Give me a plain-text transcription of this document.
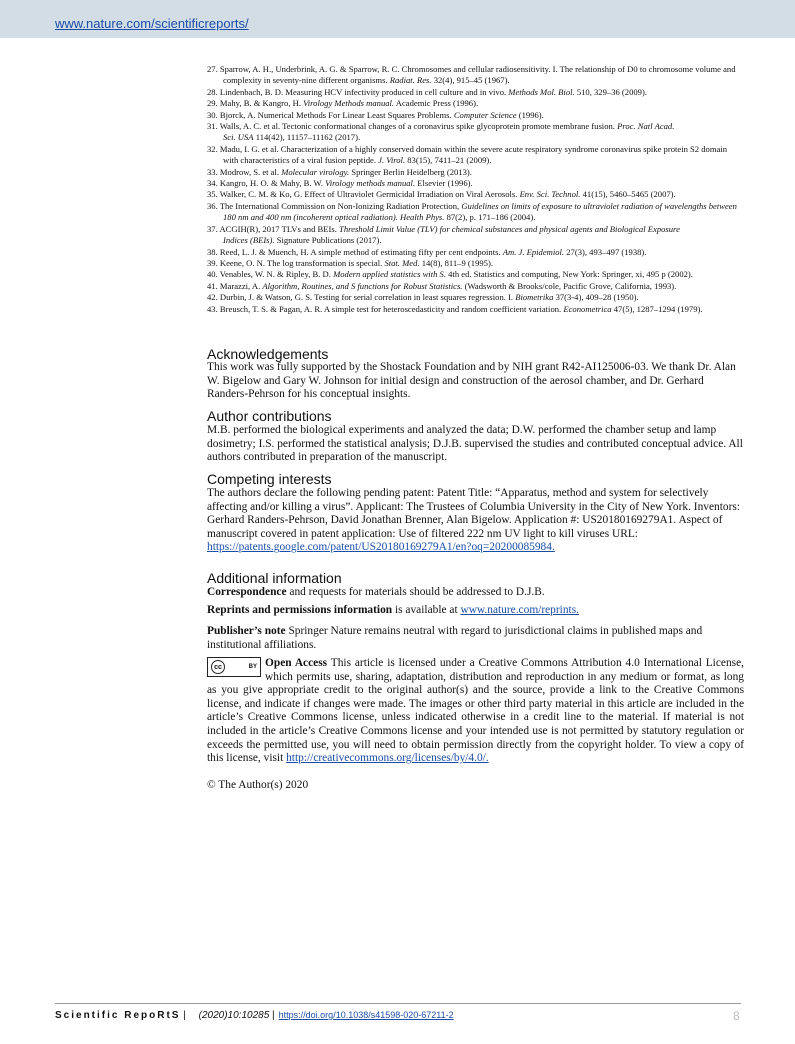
www.nature.com/scientificreports/
27. Sparrow, A. H., Underbrink, A. G. & Sparrow, R. C. Chromosomes and cellular radiosensitivity. I. The relationship of D0 to chromosome volume and complexity in seventy-nine different organisms. Radiat. Res. 32(4), 915–45 (1967).
28. Lindenbach, B. D. Measuring HCV infectivity produced in cell culture and in vivo. Methods Mol. Biol. 510, 329–36 (2009).
29. Mahy, B. & Kangro, H. Virology Methods manual. Academic Press (1996).
30. Bjorck, A. Numerical Methods For Linear Least Squares Problems. Computer Science (1996).
31. Walls, A. C. et al. Tectonic conformational changes of a coronavirus spike glycoprotein promote membrane fusion. Proc. Natl Acad.
Sci. USA 114(42), 11157–11162 (2017).
32. Madu, I. G. et al. Characterization of a highly conserved domain within the severe acute respiratory syndrome coronavirus spike protein S2 domain with characteristics of a viral fusion peptide. J. Virol. 83(15), 7411–21 (2009).
33. Modrow, S. et al. Molecular virology. Springer Berlin Heidelberg (2013).
34. Kangro, H. O. & Mahy, B. W. Virology methods manual. Elsevier (1996).
35. Walker, C. M. & Ko, G. Effect of Ultraviolet Germicidal Irradiation on Viral Aerosols. Env. Sci. Technol. 41(15), 5460–5465 (2007).
36. The International Commission on Non-Ionizing Radiation Protection, Guidelines on limits of exposure to ultraviolet radiation of wavelengths between 180 nm and 400 nm (incoherent optical radiation). Health Phys. 87(2), p. 171–186 (2004).
37. ACGIH(R), 2017 TLVs and BEIs. Threshold Limit Value (TLV) for chemical substances and physical agents and Biological Exposure
Indices (BEIs). Signature Publications (2017).
38. Reed, L. J. & Muench, H. A simple method of estimating fifty per cent endpoints. Am. J. Epidemiol. 27(3), 493–497 (1938).
39. Keene, O. N. The log transformation is special. Stat. Med. 14(8), 811–9 (1995).
40. Venables, W. N. & Ripley, B. D. Modern applied statistics with S. 4th ed. Statistics and computing, New York: Springer, xi, 495 p (2002).
41. Marazzi, A. Algorithm, Routines, and S functions for Robust Statistics. (Wadsworth & Brooks/cole, Pacific Grove, California, 1993).
42. Durbin, J. & Watson, G. S. Testing for serial correlation in least squares regression. I. Biometrika 37(3-4), 409–28 (1950).
43. Breusch, T. S. & Pagan, A. R. A simple test for heteroscedasticity and random coefficient variation. Econometrica 47(5), 1287–1294 (1979).
Acknowledgements
This work was fully supported by the Shostack Foundation and by NIH grant R42-AI125006-03. We thank Dr. Alan W. Bigelow and Gary W. Johnson for initial design and construction of the aerosol chamber, and Dr. Gerhard Randers-Pehrson for his conceptual insights.
Author contributions
M.B. performed the biological experiments and analyzed the data; D.W. performed the chamber setup and lamp dosimetry; I.S. performed the statistical analysis; D.J.B. supervised the studies and contributed conceptual advice. All authors contributed in preparation of the manuscript.
Competing interests
The authors declare the following pending patent: Patent Title: “Apparatus, method and system for selectively affecting and/or killing a virus”. Applicant: The Trustees of Columbia University in the City of New York. Inventors: Gerhard Randers-Pehrson, David Jonathan Brenner, Alan Bigelow. Application #: US20180169279A1. Aspect of manuscript covered in patent application: Use of filtered 222 nm UV light to kill viruses URL: https://patents.google.com/patent/US20180169279A1/en?oq=20200085984.
Additional information
Correspondence and requests for materials should be addressed to D.J.B.
Reprints and permissions information is available at www.nature.com/reprints.
Publisher’s note Springer Nature remains neutral with regard to jurisdictional claims in published maps and institutional affiliations.
Open Access This article is licensed under a Creative Commons Attribution 4.0 International License, which permits use, sharing, adaptation, distribution and reproduction in any medium or format, as long as you give appropriate credit to the original author(s) and the source, provide a link to the Creative Commons license, and indicate if changes were made. The images or other third party material in this article are included in the article’s Creative Commons license, unless indicated otherwise in a credit line to the material. If material is not included in the article’s Creative Commons license and your intended use is not permitted by statutory regulation or exceeds the permitted use, you will need to obtain permission directly from the copyright holder. To view a copy of this license, visit http://creativecommons.org/licenses/by/4.0/.
cc	BY
© The Author(s) 2020
Scientific RepoRtS | (2020)10:10285 | https://doi.org/10.1038/s41598-020-67211-2	8
